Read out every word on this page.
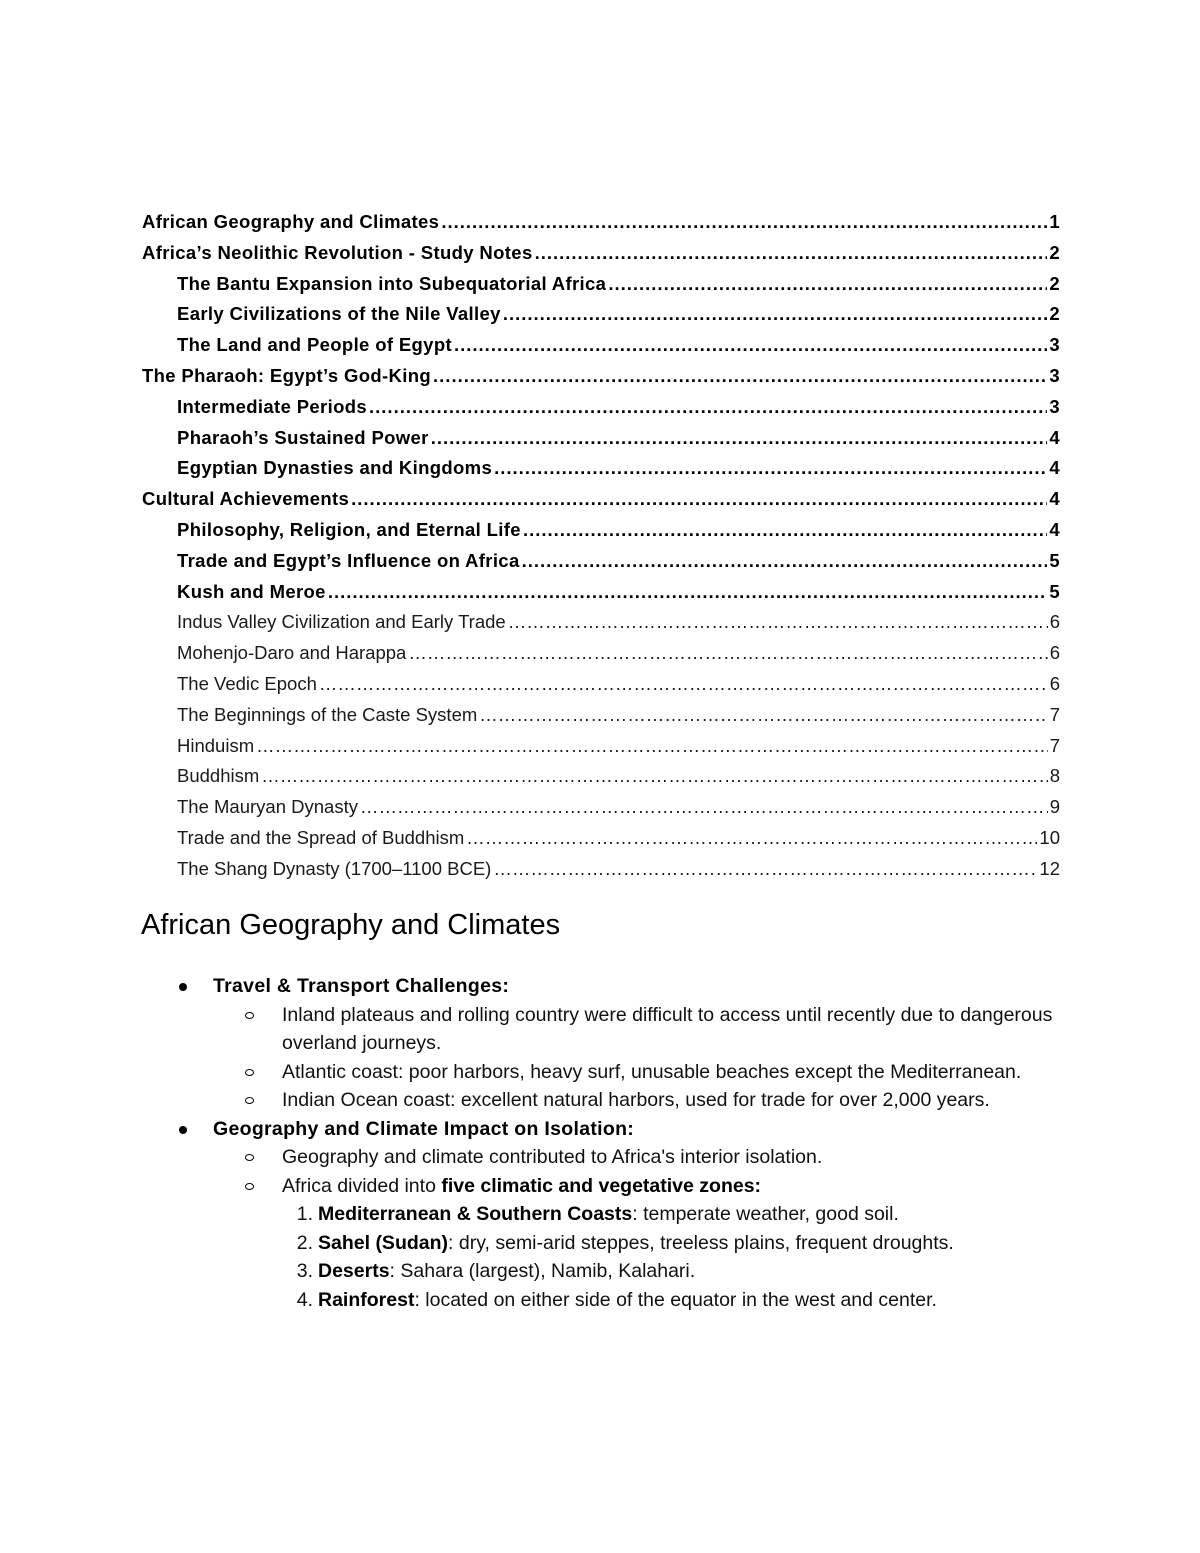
African Geography and Climates .....	1
Africa’s Neolithic Revolution - Study Notes .....	2
The Bantu Expansion into Subequatorial Africa .....	2
Early Civilizations of the Nile Valley .....	2
The Land and People of Egypt .....	3
The Pharaoh: Egypt’s God-King .....	3
Intermediate Periods .....	3
Pharaoh’s Sustained Power .....	4
Egyptian Dynasties and Kingdoms .....	4
Cultural Achievements .....	4
Philosophy, Religion, and Eternal Life .....	4
Trade and Egypt’s Influence on Africa .....	5
Kush and Meroe .....	5
Indus Valley Civilization and Early Trade …………………………………………………………………………………………………………………………………………………………………………	6
Mohenjo-Daro and Harappa …………………………………………………………………………………………………………………………………………………………………………	6
The Vedic Epoch …………………………………………………………………………………………………………………………………………………………………………	6
The Beginnings of the Caste System …………………………………………………………………………………………………………………………………………………………………………	7
Hinduism …………………………………………………………………………………………………………………………………………………………………………	7
Buddhism …………………………………………………………………………………………………………………………………………………………………………	8
The Mauryan Dynasty …………………………………………………………………………………………………………………………………………………………………………	9
Trade and the Spread of Buddhism …………………………………………………………………………………………………………………………………………………………………………	10
The Shang Dynasty (1700–1100 BCE) …………………………………………………………………………………………………………………………………………………………………………	12
African Geography and Climates
Travel & Transport Challenges:
Inland plateaus and rolling country were difficult to access until recently due to dangerous overland journeys.
Atlantic coast: poor harbors, heavy surf, unusable beaches except the Mediterranean.
Indian Ocean coast: excellent natural harbors, used for trade for over 2,000 years.
Geography and Climate Impact on Isolation:
Geography and climate contributed to Africa's interior isolation.
Africa divided into five climatic and vegetative zones:
1. Mediterranean & Southern Coasts: temperate weather, good soil.
2. Sahel (Sudan): dry, semi-arid steppes, treeless plains, frequent droughts.
3. Deserts: Sahara (largest), Namib, Kalahari.
4. Rainforest: located on either side of the equator in the west and center.
